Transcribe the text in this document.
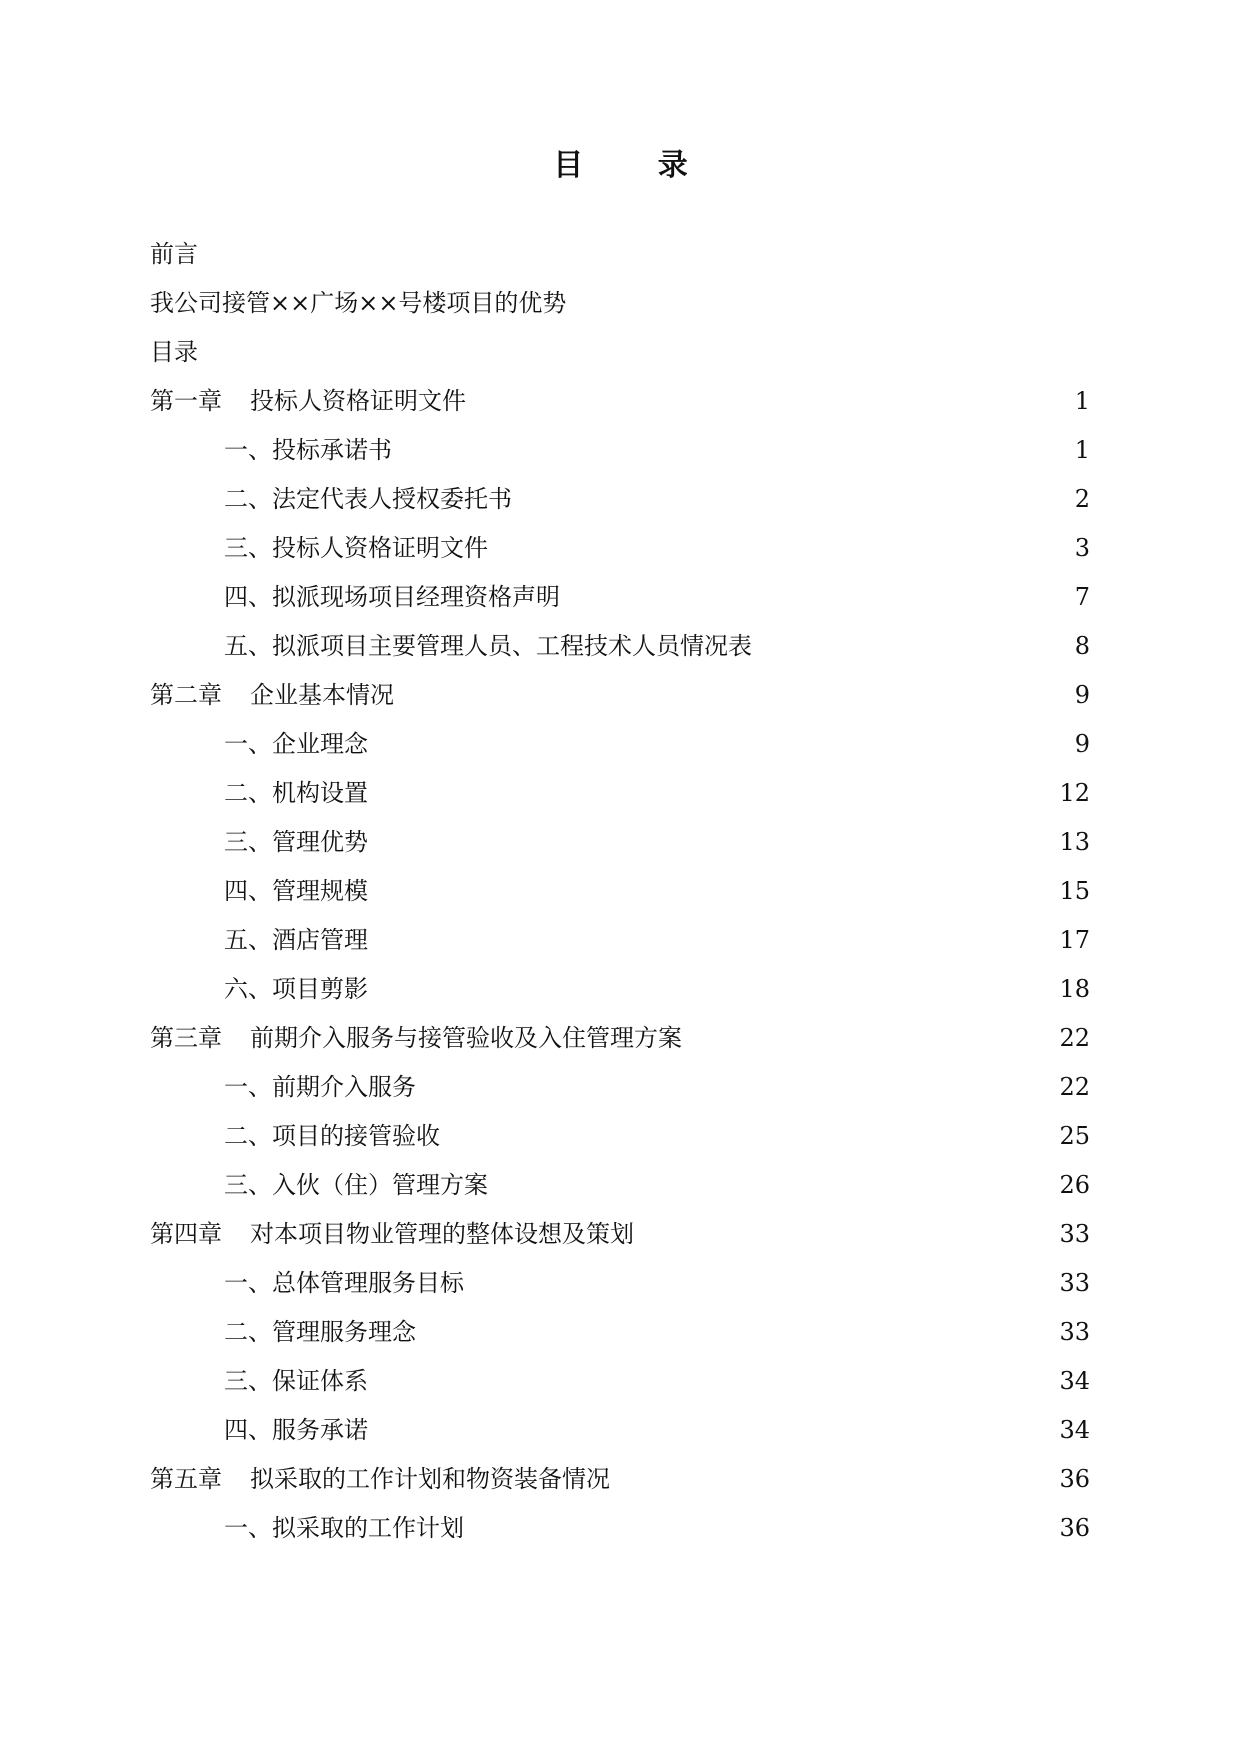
目 录
前言
我公司接管××广场××号楼项目的优势
目录
第一章 投标人资格证明文件	1
一、投标承诺书	1
二、法定代表人授权委托书	2
三、投标人资格证明文件	3
四、拟派现场项目经理资格声明	7
五、拟派项目主要管理人员、工程技术人员情况表	8
第二章 企业基本情况	9
一、企业理念	9
二、机构设置	12
三、管理优势	13
四、管理规模	15
五、酒店管理	17
六、项目剪影	18
第三章 前期介入服务与接管验收及入住管理方案	22
一、前期介入服务	22
二、项目的接管验收	25
三、入伙（住）管理方案	26
第四章 对本项目物业管理的整体设想及策划	33
一、总体管理服务目标	33
二、管理服务理念	33
三、保证体系	34
四、服务承诺	34
第五章 拟采取的工作计划和物资装备情况	36
一、拟采取的工作计划	36
